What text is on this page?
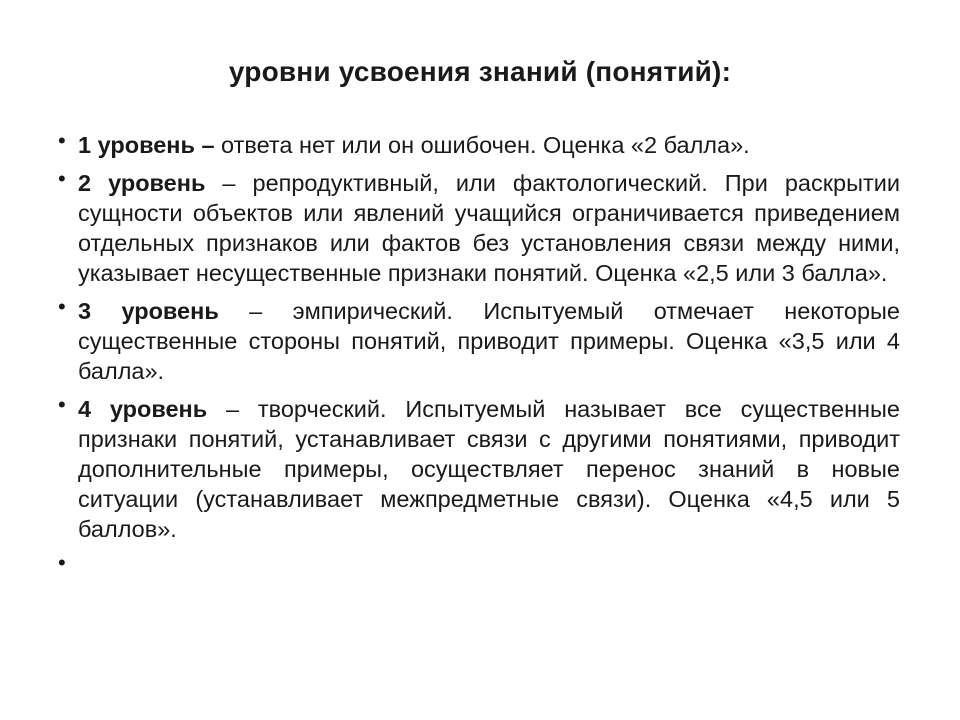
уровни усвоения знаний (понятий):
• 1 уровень – ответа нет или он ошибочен. Оценка «2 балла».
• 2 уровень – репродуктивный, или фактологический. При раскрытии сущности объектов или явлений учащийся ограничивается приведением отдельных признаков или фактов без установления связи между ними, указывает несущественные признаки понятий. Оценка «2,5 или 3 балла».
• 3 уровень – эмпирический. Испытуемый отмечает некоторые существенные стороны понятий, приводит примеры. Оценка «3,5 или 4 балла».
• 4 уровень – творческий. Испытуемый называет все существенные признаки понятий, устанавливает связи с другими понятиями, приводит дополнительные примеры, осуществляет перенос знаний в новые ситуации (устанавливает межпредметные связи). Оценка «4,5 или 5 баллов».
•
